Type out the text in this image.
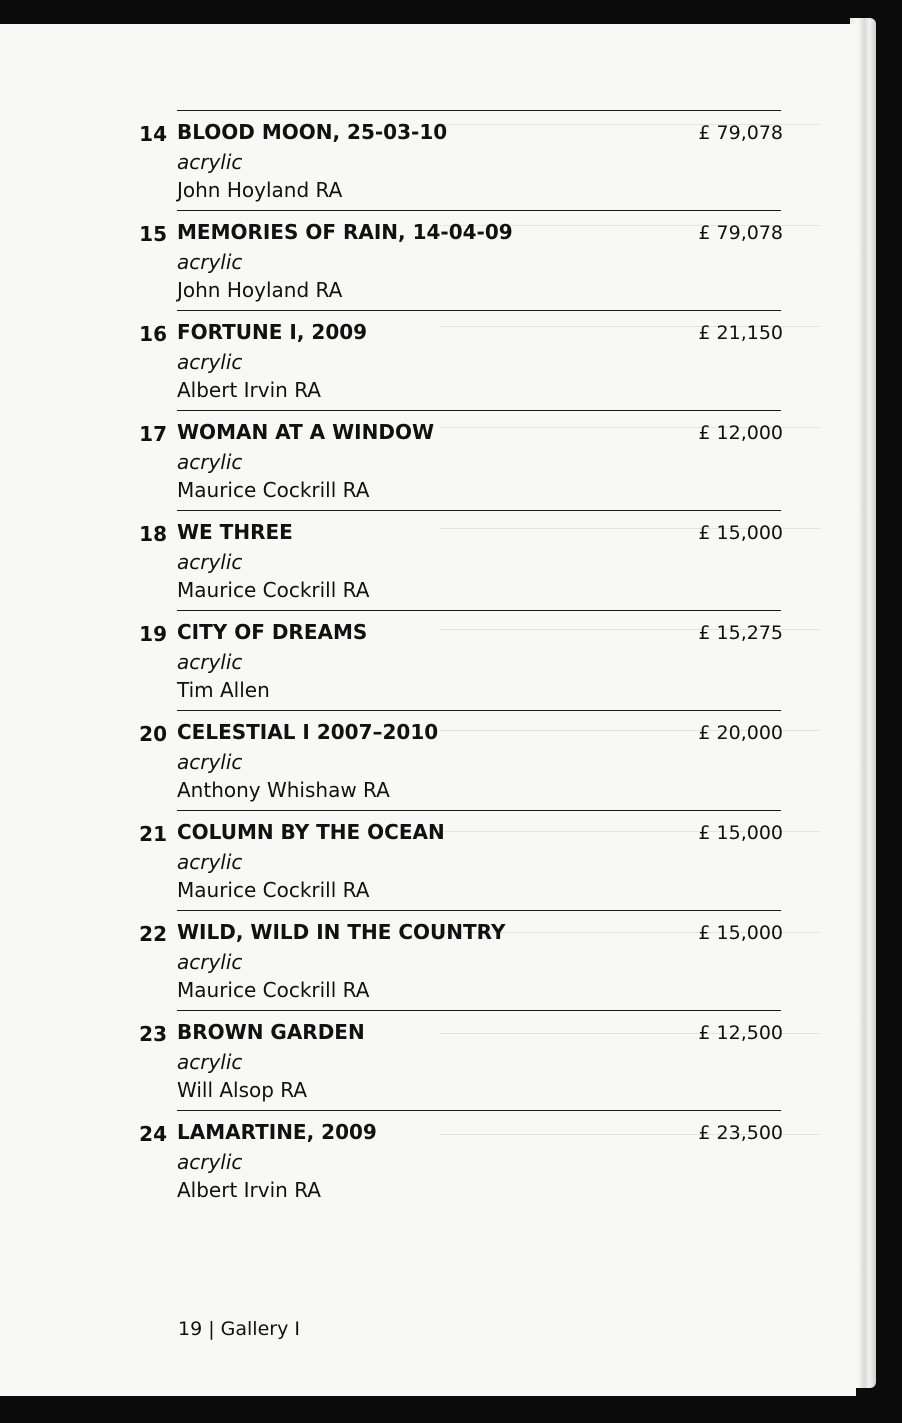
14 BLOOD MOON, 25-03-10
acrylic
John Hoyland RA
£ 79,078
15 MEMORIES OF RAIN, 14-04-09
acrylic
John Hoyland RA
£ 79,078
16 FORTUNE I, 2009
acrylic
Albert Irvin RA
£ 21,150
17 WOMAN AT A WINDOW
acrylic
Maurice Cockrill RA
£ 12,000
18 WE THREE
acrylic
Maurice Cockrill RA
£ 15,000
19 CITY OF DREAMS
acrylic
Tim Allen
£ 15,275
20 CELESTIAL I 2007–2010
acrylic
Anthony Whishaw RA
£ 20,000
21 COLUMN BY THE OCEAN
acrylic
Maurice Cockrill RA
£ 15,000
22 WILD, WILD IN THE COUNTRY
acrylic
Maurice Cockrill RA
£ 15,000
23 BROWN GARDEN
acrylic
Will Alsop RA
£ 12,500
24 LAMARTINE, 2009
acrylic
Albert Irvin RA
£ 23,500
19 | Gallery I
